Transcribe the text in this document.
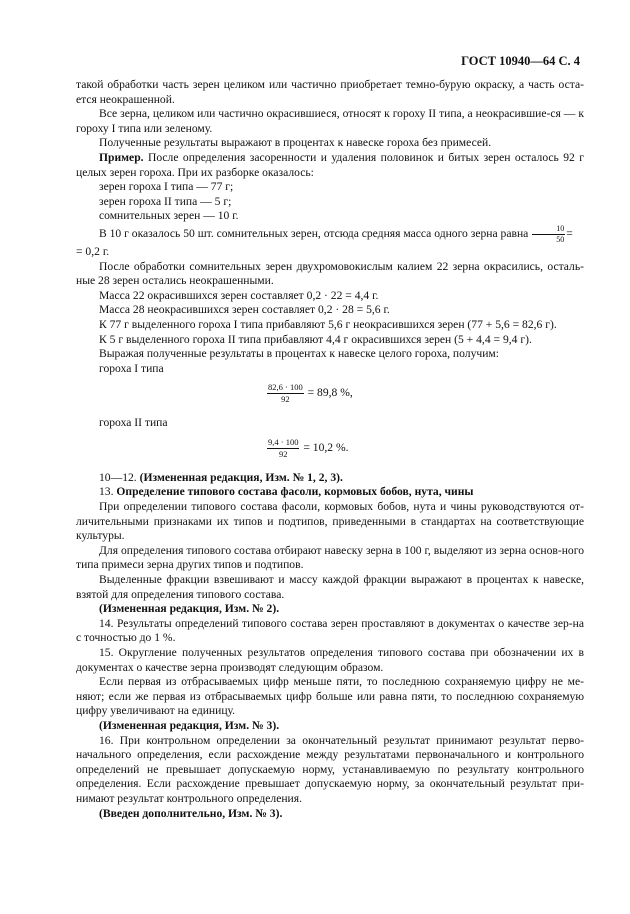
ГОСТ 10940—64 С. 4

такой обработки часть зерен целиком или частично приобретает темно-бурую окраску, а часть оста-ется неокрашенной.

Все зерна, целиком или частично окрасившиеся, относят к гороху II типа, а неокрасившие-ся — к гороху I типа или зеленому.

Полученные результаты выражают в процентах к навеске гороха без примесей.

Пример. После определения засоренности и удаления половинок и битых зерен осталось 92 г целых зерен гороха. При их разборке оказалось:

зерен гороха I типа — 77 г;

зерен гороха II типа — 5 г;

сомнительных зерен — 10 г.

В 10 г оказалось 50 шт. сомнительных зерен, отсюда средняя масса одного зерна равна $\frac{10}{50}$ =

= 0,2 г.

После обработки сомнительных зерен двухромовокислым калием 22 зерна окрасились, осталь-ные 28 зерен остались неокрашенными.

Масса 22 окрасившихся зерен составляет 0,2 · 22 = 4,4 г.

Масса 28 неокрасившихся зерен составляет 0,2 · 28 = 5,6 г.

К 77 г выделенного гороха I типа прибавляют 5,6 г неокрасившихся зерен (77 + 5,6 = 82,6 г).

К 5 г выделенного гороха II типа прибавляют 4,4 г окрасившихся зерен (5 + 4,4 = 9,4 г).

Выражая полученные результаты в процентах к навеске целого гороха, получим:

гороха I типа

$\frac{82,6 \cdot 100}{92} = 89,8$ %,

гороха II типа

$\frac{9,4 \cdot 100}{92} = 10,2$ %.

10—12. (Измененная редакция, Изм. № 1, 2, 3).

13. Определение типового состава фасоли, кормовых бобов, нута, чины

При определении типового состава фасоли, кормовых бобов, нута и чины руководствуются от-личительными признаками их типов и подтипов, приведенными в стандартах на соответствующие культуры.

Для определения типового состава отбирают навеску зерна в 100 г, выделяют из зерна основ-ного типа примеси зерна других типов и подтипов.

Выделенные фракции взвешивают и массу каждой фракции выражают в процентах к навеске, взятой для определения типового состава.

(Измененная редакция, Изм. № 2).

14. Результаты определений типового состава зерен проставляют в документах о качестве зер-на с точностью до 1 %.

15. Округление полученных результатов определения типового состава при обозначении их в документах о качестве зерна производят следующим образом.

Если первая из отбрасываемых цифр меньше пяти, то последнюю сохраняемую цифру не ме-няют; если же первая из отбрасываемых цифр больше или равна пяти, то последнюю сохраняемую цифру увеличивают на единицу.

(Измененная редакция, Изм. № 3).

16. При контрольном определении за окончательный результат принимают результат перво-начального определения, если расхождение между результатами первоначального и контрольного определений не превышает допускаемую норму, устанавливаемую по результату контрольного определения. Если расхождение превышает допускаемую норму, за окончательный результат при-нимают результат контрольного определения.

(Введен дополнительно, Изм. № 3).
